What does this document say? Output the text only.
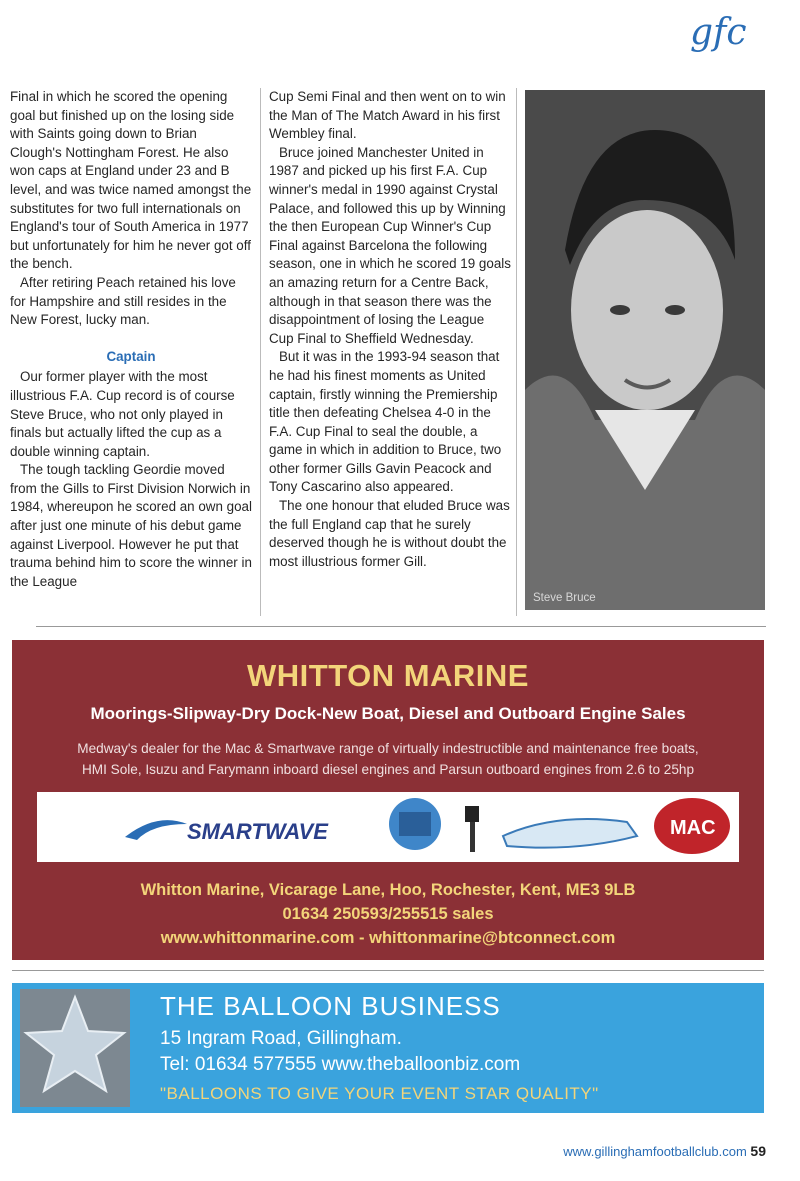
gfc

Final in which he scored the opening goal but finished up on the losing side with Saints going down to Brian Clough's Nottingham Forest. He also won caps at England under 23 and B level, and was twice named amongst the substitutes for two full internationals on England's tour of South America in 1977 but unfortunately for him he never got off the bench.

After retiring Peach retained his love for Hampshire and still resides in the New Forest, lucky man.

Captain

Our former player with the most illustrious F.A. Cup record is of course Steve Bruce, who not only played in finals but actually lifted the cup as a double winning captain.

The tough tackling Geordie moved from the Gills to First Division Norwich in 1984, whereupon he scored an own goal after just one minute of his debut game against Liverpool. However he put that trauma behind him to score the winner in the League

Cup Semi Final and then went on to win the Man of The Match Award in his first Wembley final.

Bruce joined Manchester United in 1987 and picked up his first F.A. Cup winner's medal in 1990 against Crystal Palace, and followed this up by Winning the then European Cup Winner's Cup Final against Barcelona the following season, one in which he scored 19 goals an amazing return for a Centre Back, although in that season there was the disappointment of losing the League Cup Final to Sheffield Wednesday.

But it was in the 1993-94 season that he had his finest moments as United captain, firstly winning the Premiership title then defeating Chelsea 4-0 in the F.A. Cup Final to seal the double, a game in which in addition to Bruce, two other former Gills Gavin Peacock and Tony Cascarino also appeared.

The one honour that eluded Bruce was the full England cap that he surely deserved though he is without doubt the most illustrious former Gill.

Steve Bruce
WHITTON MARINE
Moorings-Slipway-Dry Dock-New Boat, Diesel and Outboard Engine Sales
Medway's dealer for the Mac & Smartwave range of virtually indestructible and maintenance free boats,
HMI Sole, Isuzu and Farymann inboard diesel engines and Parsun outboard engines from 2.6 to 25hp
SMARTWAVE	MAC
Whitton Marine, Vicarage Lane, Hoo, Rochester, Kent, ME3 9LB
01634 250593/255515 sales
www.whittonmarine.com - whittonmarine@btconnect.com
THE BALLOON BUSINESS
15 Ingram Road, Gillingham.
Tel: 01634 577555 www.theballoonbiz.com
"BALLOONS TO GIVE YOUR EVENT STAR QUALITY"
www.gillinghamfootballclub.com 59
